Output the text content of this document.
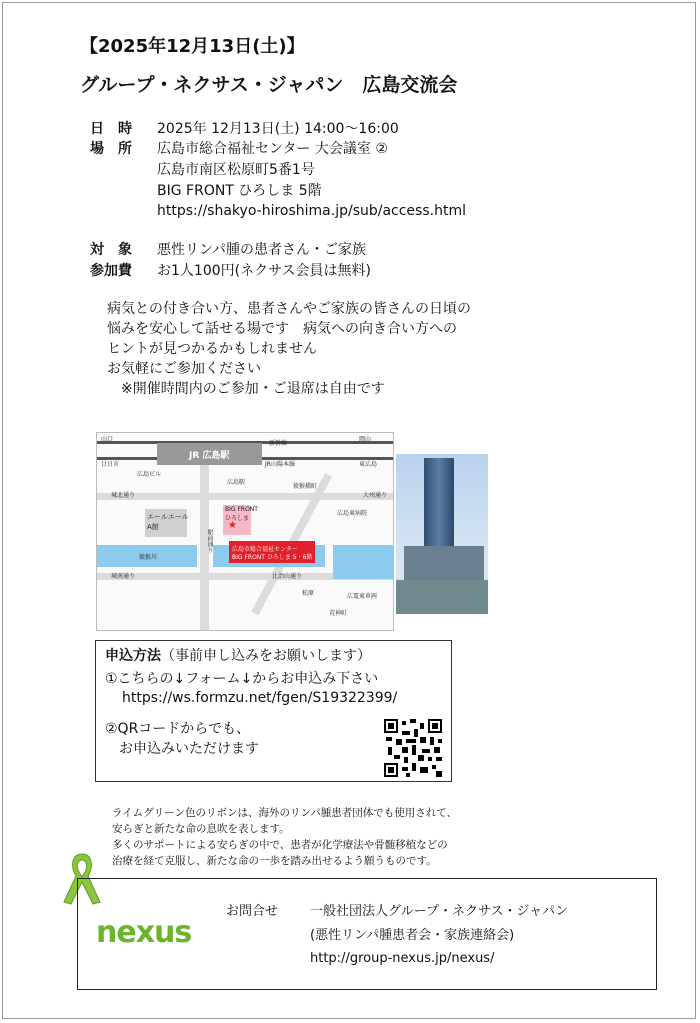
【2025年12月13日(土)】
グループ・ネクサス・ジャパン　広島交流会
日　時 2025年 12月13日(土) 14:00～16:00
場　所 広島市総合福祉センター 大会議室 ②
広島市南区松原町5番1号
BIG FRONT ひろしま 5階
https://shakyo-hiroshima.jp/sub/access.html
対　象 悪性リンパ腫の患者さん・ご家族
参加費 お1人100円(ネクサス会員は無料)
病気との付き合い方、患者さんやご家族の皆さんの日頃の
悩みを安心して話せる場です　病気への向き合い方への
ヒントが見つかるかもしれません
お気軽にご参加ください
　※開催時間内のご参加・ご退席は自由です
JR 広島駅
山口	岡山
新幹線
JR山陽本線
廿日市	東広島
城北通り	大州通り
広島ビル
広島駅
エールエール
A館
BIG FRONT
ひろしま
★
猿猴川
広島市総合福祉センター
BIG FRONT ひろしま 5・6階
駅前通り
城南通り	比治山通り
猿猴橋町
広島東病院
松原	広電東車両
荒神町
申込方法（事前申し込みをお願いします）
①こちらの↓フォーム↓からお申込み下さい
https://ws.formzu.net/fgen/S19322399/
②QRコードからでも、
　お申込みいただけます
ライムグリーン色のリボンは、海外のリンパ腫患者団体でも使用されて、
安らぎと新たな命の息吹を表します。
多くのサポートによる安らぎの中で、患者が化学療法や骨髄移植などの
治療を経て克服し、新たな命の一歩を踏み出せるよう願うものです。
お問合せ 一般社団法人グループ・ネクサス・ジャパン
(悪性リンパ腫患者会・家族連絡会)
http://group-nexus.jp/nexus/
nexus
